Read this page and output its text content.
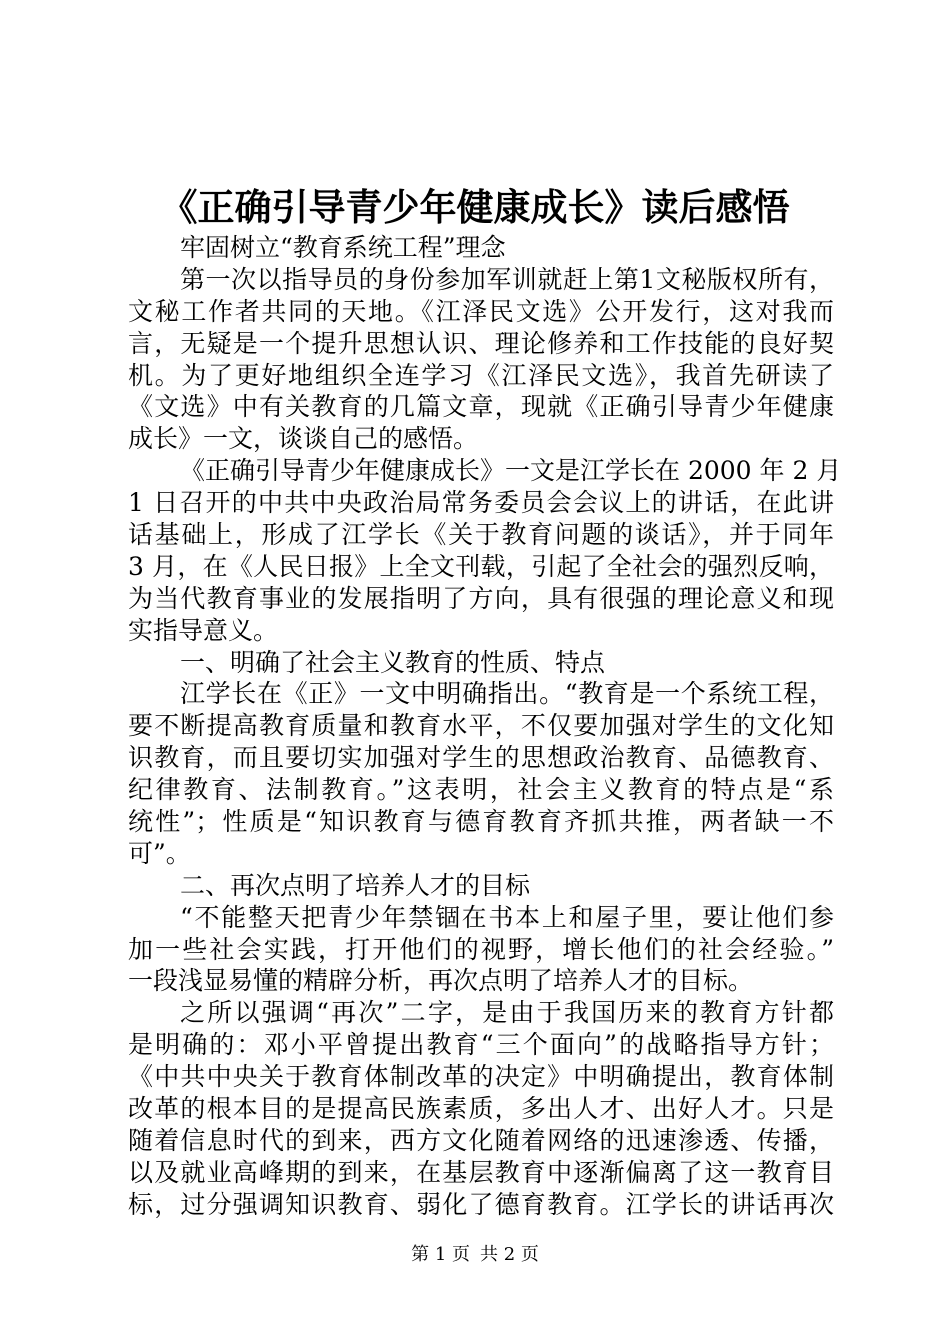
《正确引导青少年健康成长》读后感悟
牢固树立“教育系统工程”理念
第一次以指导员的身份参加军训就赶上第1文秘版权所有，
文秘工作者共同的天地。《江泽民文选》公开发行，这对我而
言，无疑是一个提升思想认识、理论修养和工作技能的良好契
机。为了更好地组织全连学习《江泽民文选》，我首先研读了
《文选》中有关教育的几篇文章，现就《正确引导青少年健康
成长》一文，谈谈自己的感悟。
《正确引导青少年健康成长》一文是江学长在 2000 年 2 月
1 日召开的中共中央政治局常务委员会会议上的讲话，在此讲
话基础上，形成了江学长《关于教育问题的谈话》，并于同年
3 月，在《人民日报》上全文刊载，引起了全社会的强烈反响，
为当代教育事业的发展指明了方向，具有很强的理论意义和现
实指导意义。
一、明确了社会主义教育的性质、特点
江学长在《正》一文中明确指出。“教育是一个系统工程，
要不断提高教育质量和教育水平，不仅要加强对学生的文化知
识教育，而且要切实加强对学生的思想政治教育、品德教育、
纪律教育、法制教育。”这表明，社会主义教育的特点是“系
统性”；性质是“知识教育与德育教育齐抓共推，两者缺一不
可”。
二、再次点明了培养人才的目标
“不能整天把青少年禁锢在书本上和屋子里，要让他们参
加一些社会实践，打开他们的视野，增长他们的社会经验。”
一段浅显易懂的精辟分析，再次点明了培养人才的目标。
之所以强调“再次”二字，是由于我国历来的教育方针都
是明确的：邓小平曾提出教育“三个面向”的战略指导方针；
《中共中央关于教育体制改革的决定》中明确提出，教育体制
改革的根本目的是提高民族素质，多出人才、出好人才。只是
随着信息时代的到来，西方文化随着网络的迅速渗透、传播，
以及就业高峰期的到来，在基层教育中逐渐偏离了这一教育目
标，过分强调知识教育、弱化了德育教育。江学长的讲话再次
第 1 页 共 2 页
